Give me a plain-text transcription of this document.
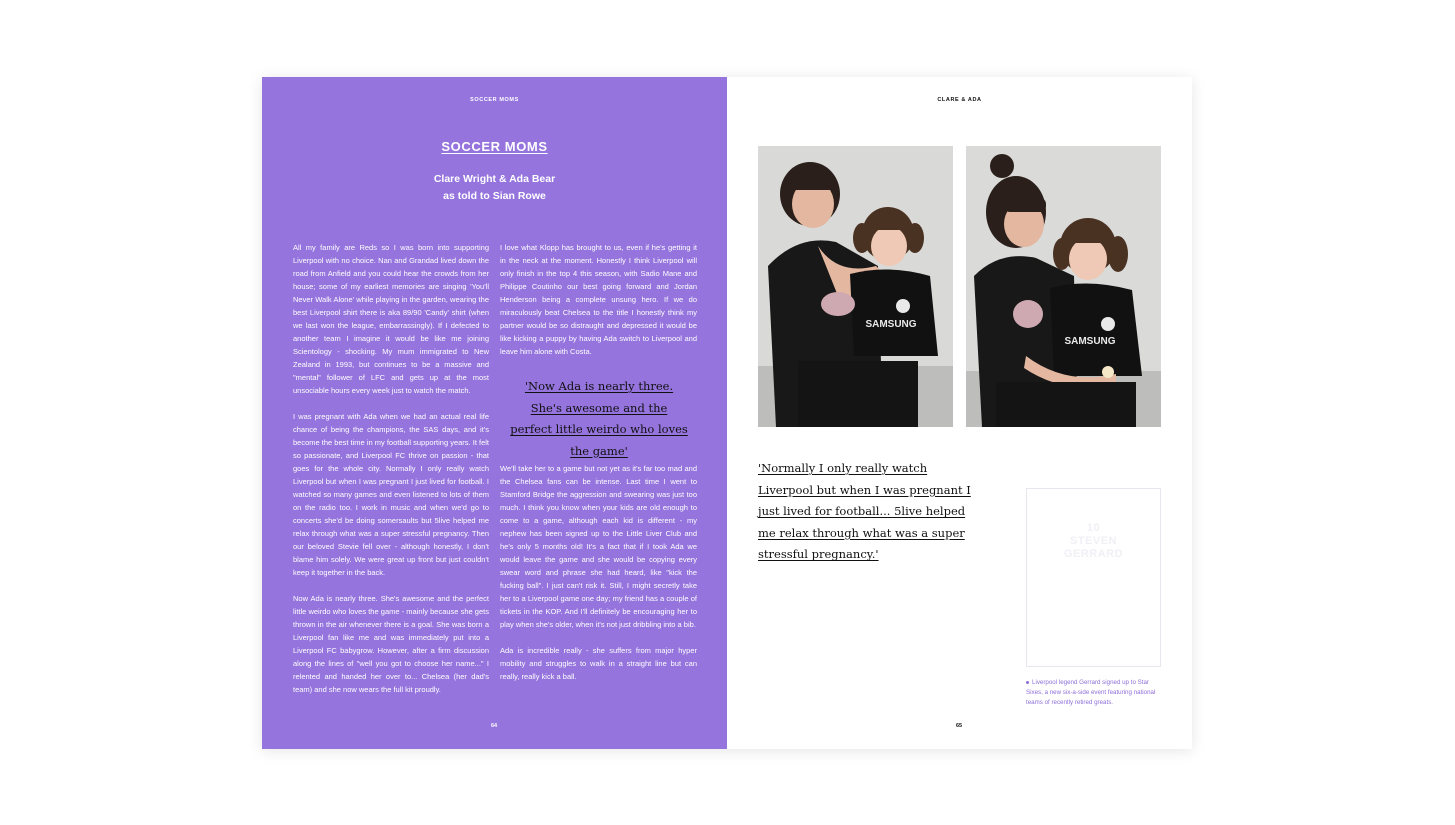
SOCCER MOMS
SOCCER MOMS
Clare Wright & Ada Bear
as told to Sian Rowe

All my family are Reds so I was born into supporting Liverpool with no choice. Nan and Grandad lived down the road from Anfield and you could hear the crowds from her house; some of my earliest memories are singing 'You'll Never Walk Alone' while playing in the garden, wearing the best Liverpool shirt there is aka 89/90 'Candy' shirt (when we last won the league, embarrassingly). If I defected to another team I imagine it would be like me joining Scientology - shocking. My mum immigrated to New Zealand in 1993, but continues to be a massive and "mental" follower of LFC and gets up at the most unsociable hours every week just to watch the match.

I was pregnant with Ada when we had an actual real life chance of being the champions, the SAS days, and it's become the best time in my football supporting years. It felt so passionate, and Liverpool FC thrive on passion - that goes for the whole city. Normally I only really watch Liverpool but when I was pregnant I just lived for football. I watched so many games and even listened to lots of them on the radio too. I work in music and when we'd go to concerts she'd be doing somersaults but 5live helped me relax through what was a super stressful pregnancy. Then our beloved Stevie fell over - although honestly, I don't blame him solely. We were great up front but just couldn't keep it together in the back.

Now Ada is nearly three. She's awesome and the perfect little weirdo who loves the game - mainly because she gets thrown in the air whenever there is a goal. She was born a Liverpool fan like me and was immediately put into a Liverpool FC babygrow. However, after a firm discussion along the lines of "well you got to choose her name..." I relented and handed her over to... Chelsea (her dad's team) and she now wears the full kit proudly.

I love what Klopp has brought to us, even if he's getting it in the neck at the moment. Honestly I think Liverpool will only finish in the top 4 this season, with Sadio Mane and Philippe Coutinho our best going forward and Jordan Henderson being a complete unsung hero. If we do miraculously beat Chelsea to the title I honestly think my partner would be so distraught and depressed it would be like kicking a puppy by having Ada switch to Liverpool and leave him alone with Costa.

'Now Ada is nearly three. She's awesome and the perfect little weirdo who loves the game'

We'll take her to a game but not yet as it's far too mad and the Chelsea fans can be intense. Last time I went to Stamford Bridge the aggression and swearing was just too much. I think you know when your kids are old enough to come to a game, although each kid is different - my nephew has been signed up to the Little Liver Club and he's only 5 months old! It's a fact that if I took Ada we would leave the game and she would be copying every swear word and phrase she had heard, like "kick the fucking ball". I just can't risk it. Still, I might secretly take her to a Liverpool game one day; my friend has a couple of tickets in the KOP. And I'll definitely be encouraging her to play when she's older, when it's not just dribbling into a bib.

Ada is incredible really - she suffers from major hyper mobility and struggles to walk in a straight line but can really, really kick a ball.

64
CLARE & ADA
SAMSUNG
SAMSUNG
'Normally I only really watch Liverpool but when I was pregnant I just lived for football... 5live helped me relax through what was a super stressful pregnancy.'
10
STEVEN
GERRARD
Liverpool legend Gerrard signed up to Star Sixes, a new six-a-side event featuring national teams of recently retired greats.
65
